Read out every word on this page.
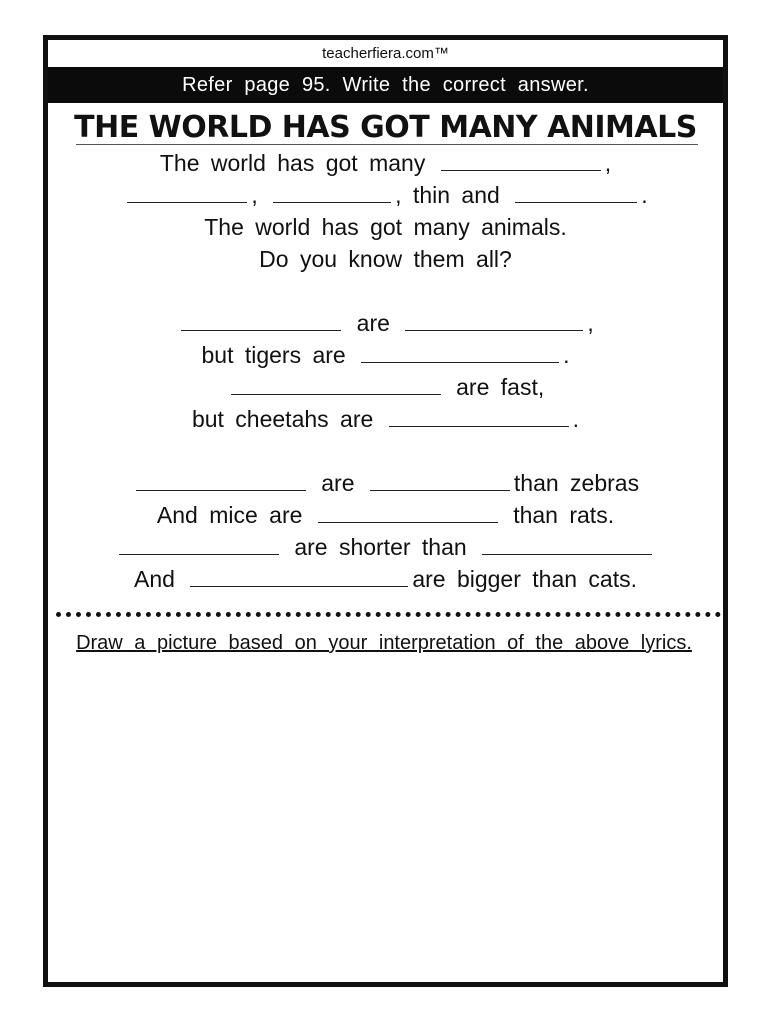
teacherfiera.com™
Refer page 95. Write the correct answer.
THE WORLD HAS GOT MANY ANIMALS
The world has got many	,
,	, thin and	.
The world has got many animals.
Do you know them all?
are	,
but tigers are	.
are fast,
but cheetahs are	.
are	than zebras
And mice are	than rats.
are shorter than
And	are bigger than cats.
Draw a picture based on your interpretation of the above lyrics.
